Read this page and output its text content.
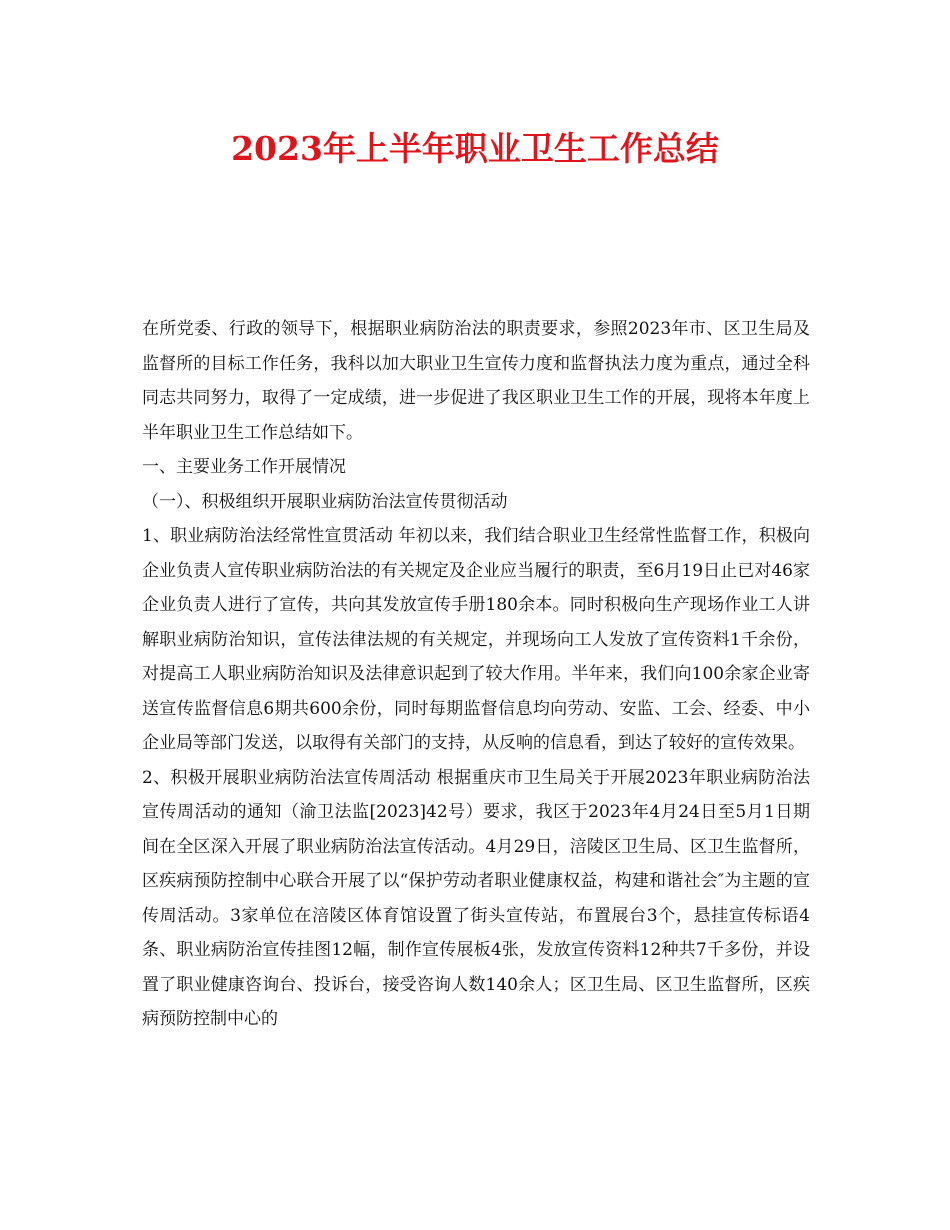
2023年上半年职业卫生工作总结

在所党委、行政的领导下，根据职业病防治法的职责要求，参照2023年市、区卫生局及监督所的目标工作任务，我科以加大职业卫生宣传力度和监督执法力度为重点，通过全科同志共同努力，取得了一定成绩，进一步促进了我区职业卫生工作的开展，现将本年度上半年职业卫生工作总结如下。

一、主要业务工作开展情况

（一）、积极组织开展职业病防治法宣传贯彻活动

1、职业病防治法经常性宣贯活动 年初以来，我们结合职业卫生经常性监督工作，积极向企业负责人宣传职业病防治法的有关规定及企业应当履行的职责，至6月19日止已对46家企业负责人进行了宣传，共向其发放宣传手册180余本。同时积极向生产现场作业工人讲解职业病防治知识，宣传法律法规的有关规定，并现场向工人发放了宣传资料1千余份，对提高工人职业病防治知识及法律意识起到了较大作用。半年来，我们向100余家企业寄送宣传监督信息6期共600余份，同时每期监督信息均向劳动、安监、工会、经委、中小企业局等部门发送，以取得有关部门的支持，从反响的信息看，到达了较好的宣传效果。

2、积极开展职业病防治法宣传周活动 根据重庆市卫生局关于开展2023年职业病防治法宣传周活动的通知（渝卫法监[2023]42号）要求，我区于2023年4月24日至5月1日期间在全区深入开展了职业病防治法宣传活动。4月29日，涪陵区卫生局、区卫生监督所，区疾病预防控制中心联合开展了以“保护劳动者职业健康权益，构建和谐社会″为主题的宣传周活动。3家单位在涪陵区体育馆设置了街头宣传站，布置展台3个，悬挂宣传标语4条、职业病防治宣传挂图12幅，制作宣传展板4张，发放宣传资料12种共7千多份，并设置了职业健康咨询台、投诉台，接受咨询人数140余人；区卫生局、区卫生监督所，区疾病预防控制中心的
